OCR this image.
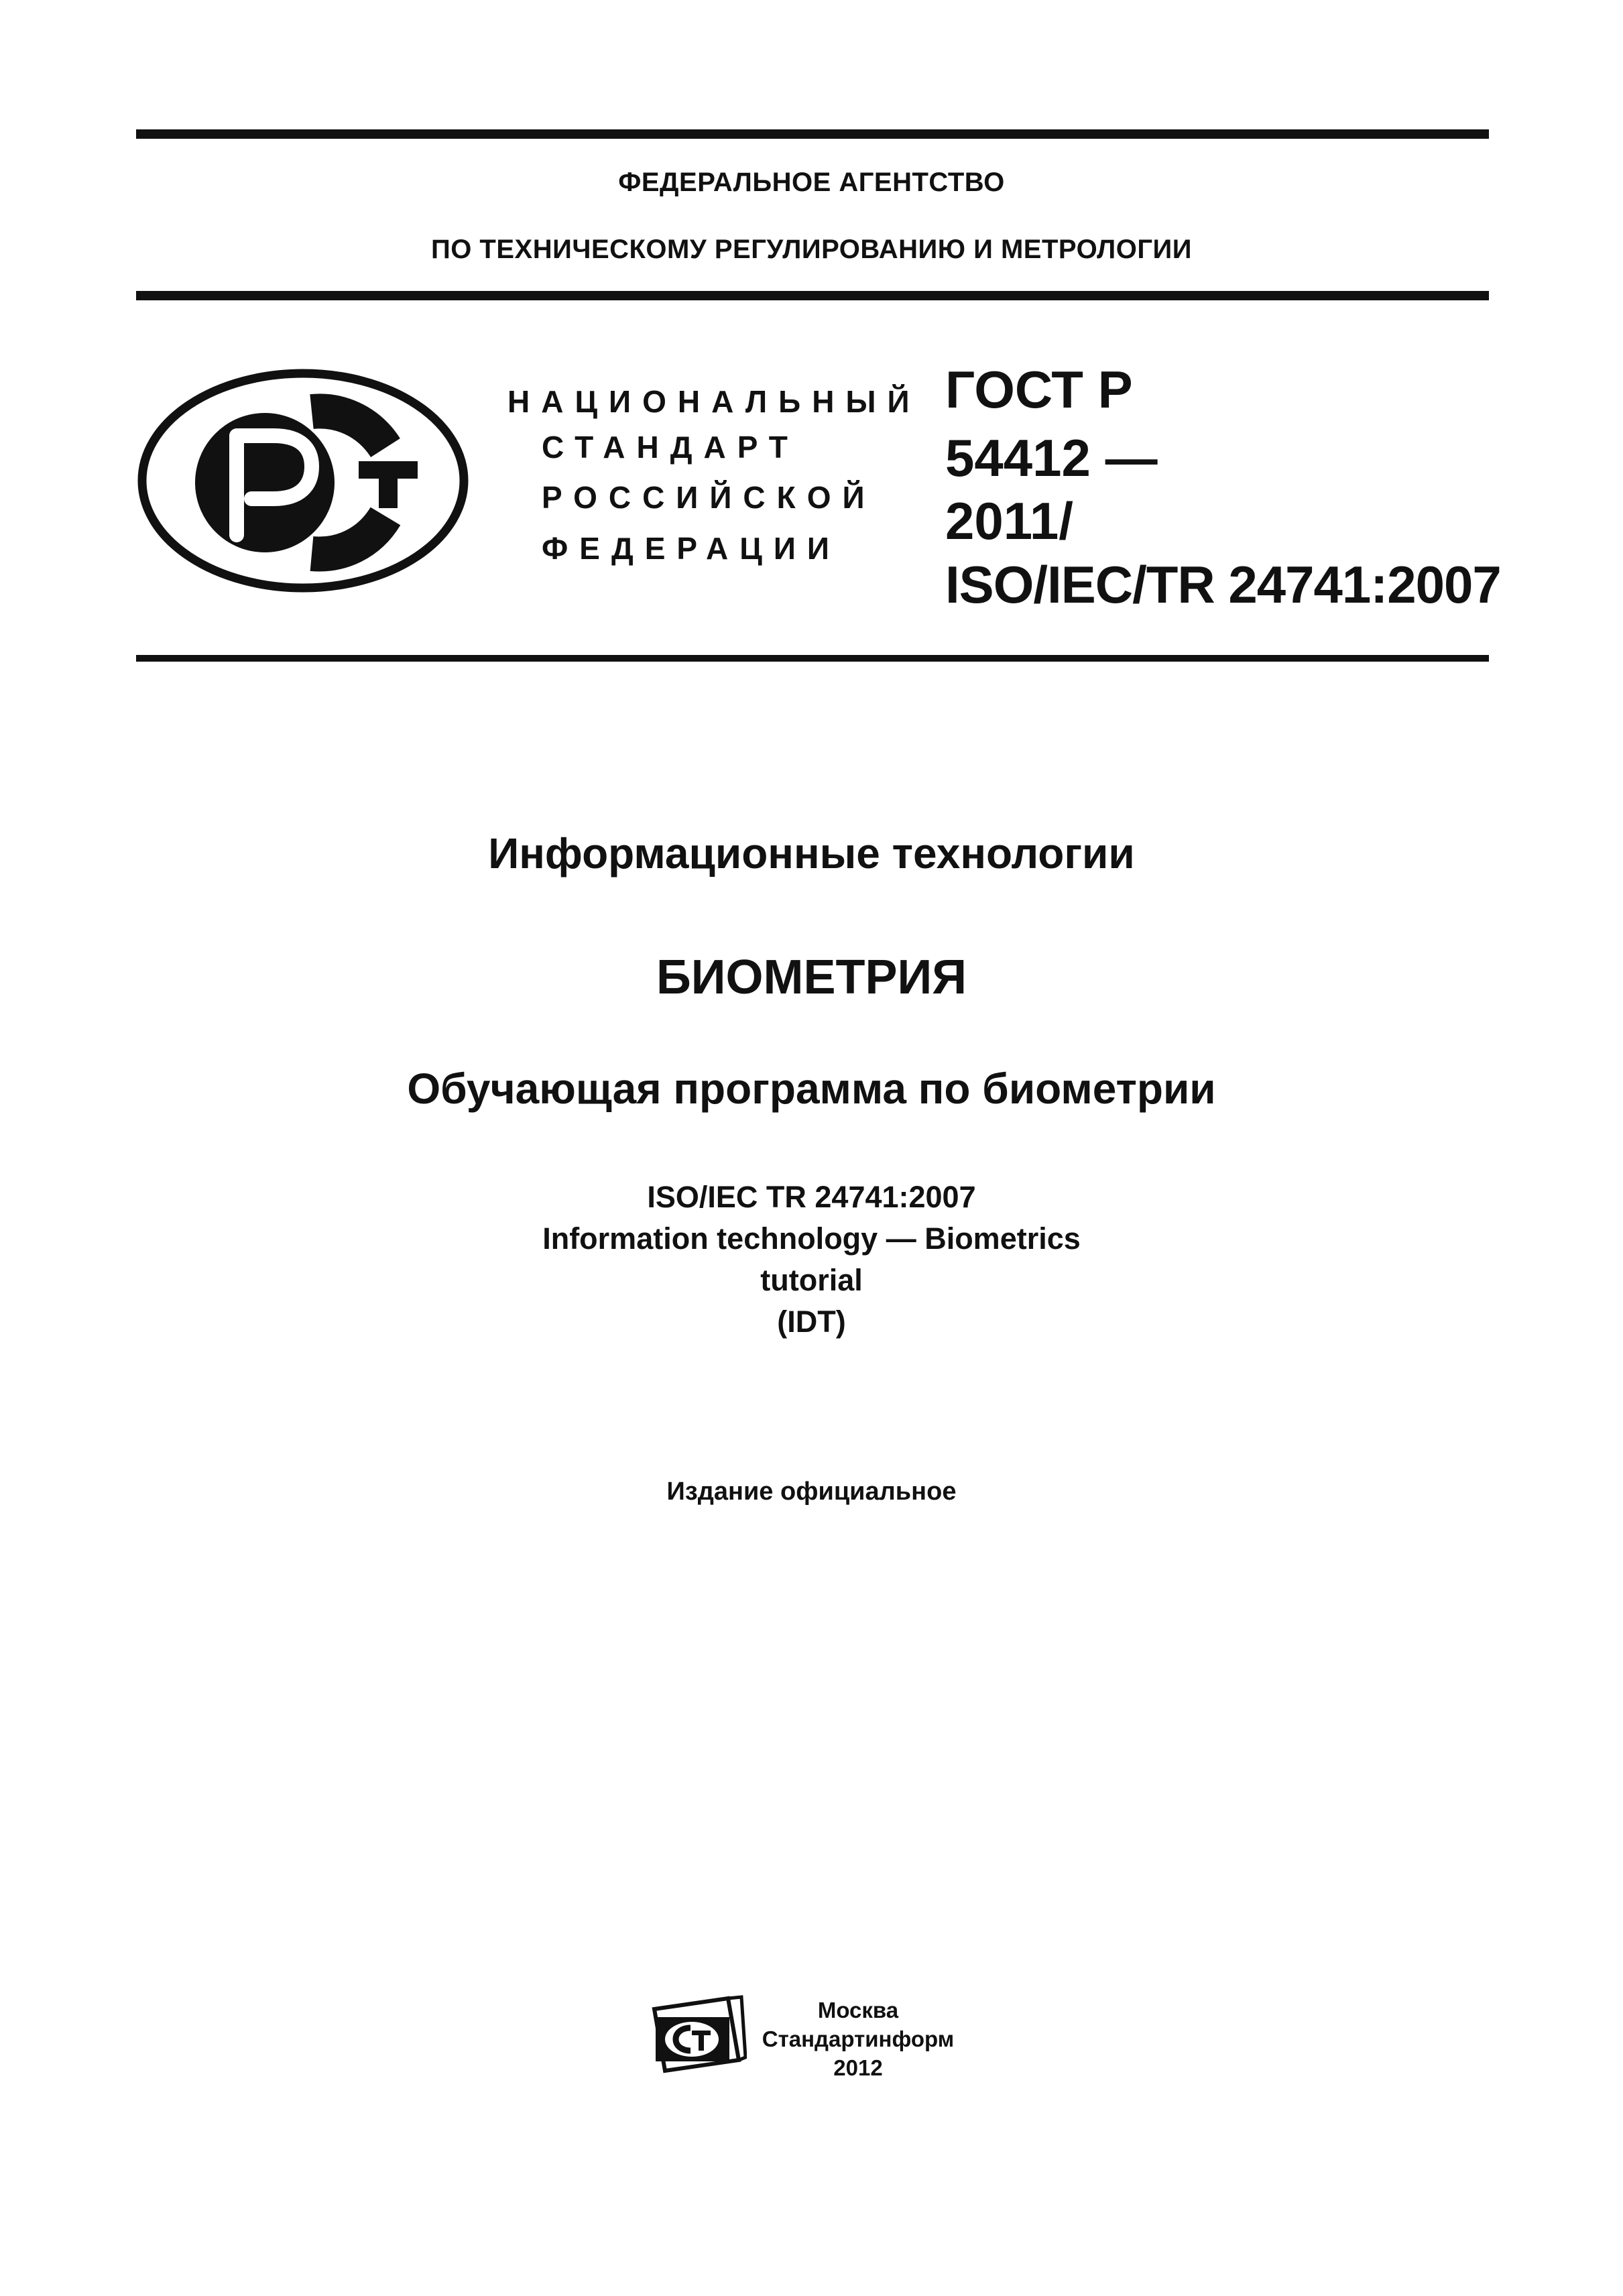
ФЕДЕРАЛЬНОЕ АГЕНТСТВО
ПО ТЕХНИЧЕСКОМУ РЕГУЛИРОВАНИЮ И МЕТРОЛОГИИ
НАЦИОНАЛЬНЫЙ
СТАНДАРТ
РОССИЙСКОЙ
ФЕДЕРАЦИИ
ГОСТ Р
54412 —
2011/
ISO/IEC/TR 24741:2007
Информационные технологии
БИОМЕТРИЯ
Обучающая программа по биометрии
ISO/IEC TR 24741:2007
Information technology — Biometrics
tutorial
(IDT)
Издание официальное
Москва
Стандартинформ
2012
